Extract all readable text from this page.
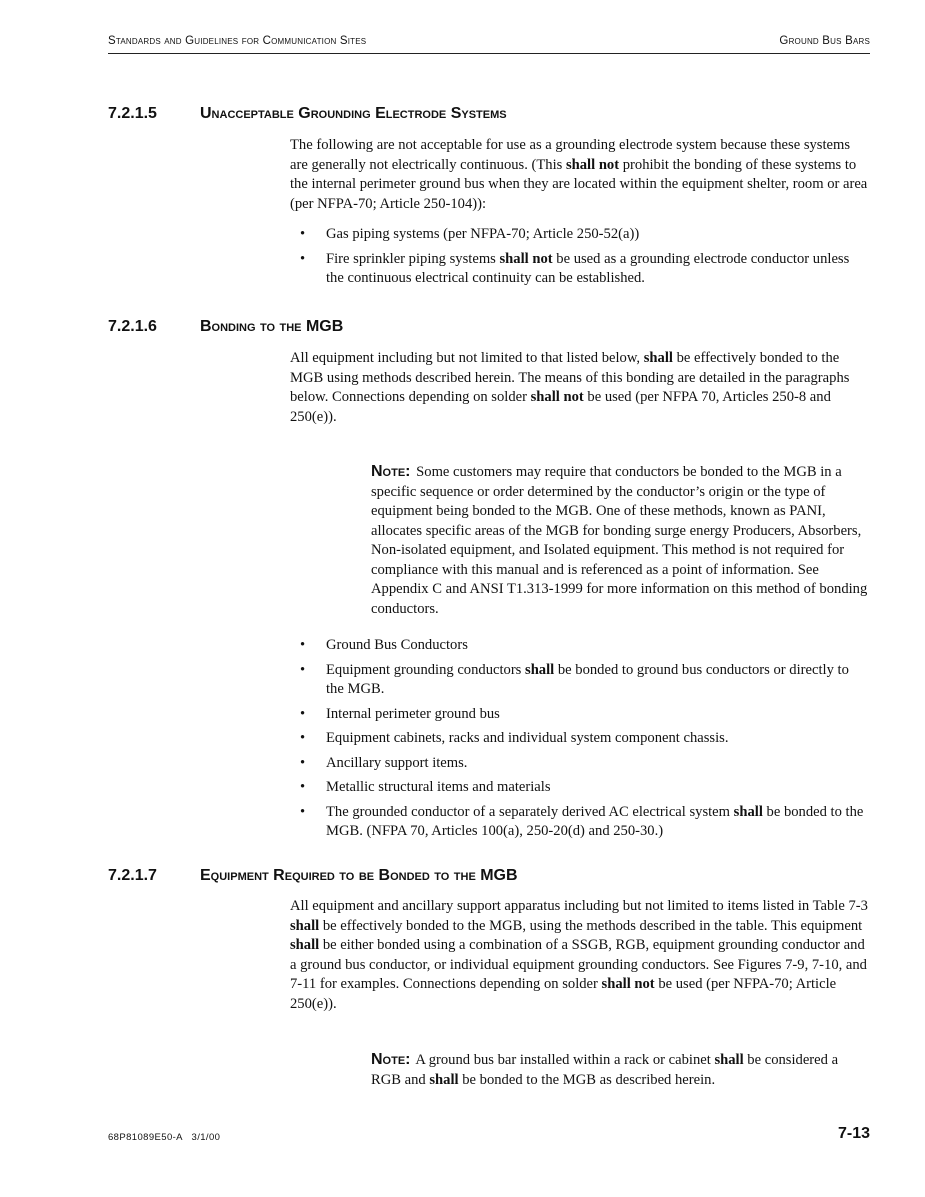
Standards and Guidelines for Communication Sites	Ground Bus Bars
7.2.1.5	Unacceptable Grounding Electrode Systems

The following are not acceptable for use as a grounding electrode system because these systems are generally not electrically continuous. (This shall not prohibit the bonding of these systems to the internal perimeter ground bus when they are located within the equipment shelter, room or area (per NFPA-70; Article 250-104)):

• Gas piping systems (per NFPA-70; Article 250-52(a))
• Fire sprinkler piping systems shall not be used as a grounding electrode conductor unless the continuous electrical continuity can be established.
7.2.1.6	Bonding to the MGB

All equipment including but not limited to that listed below, shall be effectively bonded to the MGB using methods described herein. The means of this bonding are detailed in the paragraphs below. Connections depending on solder shall not be used (per NFPA 70, Articles 250-8 and 250(e)).

Note: Some customers may require that conductors be bonded to the MGB in a specific sequence or order determined by the conductor’s origin or the type of equipment being bonded to the MGB. One of these methods, known as PANI, allocates specific areas of the MGB for bonding surge energy Producers, Absorbers, Non-isolated equipment, and Isolated equipment. This method is not required for compliance with this manual and is referenced as a point of information. See Appendix C and ANSI T1.313-1999 for more information on this method of bonding conductors.

• Ground Bus Conductors
• Equipment grounding conductors shall be bonded to ground bus conductors or directly to the MGB.
• Internal perimeter ground bus
• Equipment cabinets, racks and individual system component chassis.
• Ancillary support items.
• Metallic structural items and materials
• The grounded conductor of a separately derived AC electrical system shall be bonded to the MGB. (NFPA 70, Articles 100(a), 250-20(d) and 250-30.)
7.2.1.7	Equipment Required to be Bonded to the MGB

All equipment and ancillary support apparatus including but not limited to items listed in Table 7-3 shall be effectively bonded to the MGB, using the methods described in the table. This equipment shall be either bonded using a combination of a SSGB, RGB, equipment grounding conductor and a ground bus conductor, or individual equipment grounding conductors. See Figures 7-9, 7-10, and 7-11 for examples. Connections depending on solder shall not be used (per NFPA-70; Article 250(e)).

Note: A ground bus bar installed within a rack or cabinet shall be considered a RGB and shall be bonded to the MGB as described herein.

68P81089E50-A   3/1/00	7-13
